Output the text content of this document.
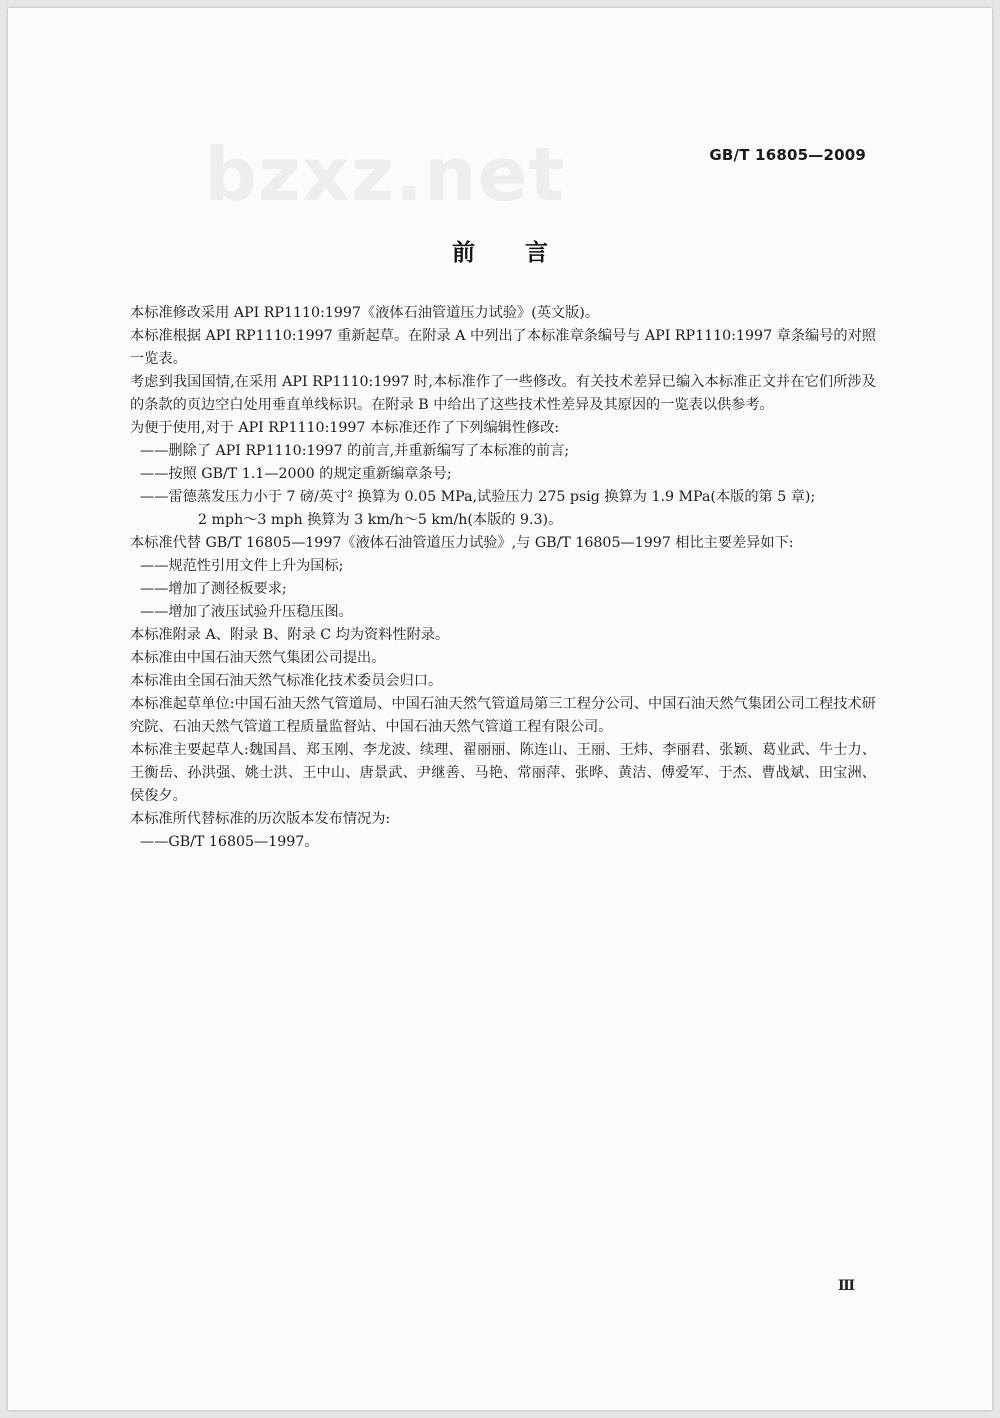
bzxz.net	GB/T 16805—2009
前言

本标准修改采用 API RP1110:1997《液体石油管道压力试验》(英文版)。

本标准根据 API RP1110:1997 重新起草。在附录 A 中列出了本标准章条编号与 API RP1110:1997 章条编号的对照一览表。

考虑到我国国情,在采用 API RP1110:1997 时,本标准作了一些修改。有关技术差异已编入本标准正文并在它们所涉及的条款的页边空白处用垂直单线标识。在附录 B 中给出了这些技术性差异及其原因的一览表以供参考。

为便于使用,对于 API RP1110:1997 本标准还作了下列编辑性修改:

——删除了 API RP1110:1997 的前言,并重新编写了本标准的前言;

——按照 GB/T 1.1—2000 的规定重新编章条号;

——雷德蒸发压力小于 7 磅/英寸² 换算为 0.05 MPa,试验压力 275 psig 换算为 1.9 MPa(本版的第 5 章);

2 mph～3 mph 换算为 3 km/h～5 km/h(本版的 9.3)。

本标准代替 GB/T 16805—1997《液体石油管道压力试验》,与 GB/T 16805—1997 相比主要差异如下:

——规范性引用文件上升为国标;

——增加了测径板要求;

——增加了液压试验升压稳压图。

本标准附录 A、附录 B、附录 C 均为资料性附录。

本标准由中国石油天然气集团公司提出。

本标准由全国石油天然气标准化技术委员会归口。

本标准起草单位:中国石油天然气管道局、中国石油天然气管道局第三工程分公司、中国石油天然气集团公司工程技术研究院、石油天然气管道工程质量监督站、中国石油天然气管道工程有限公司。

本标准主要起草人:魏国昌、郑玉刚、李龙波、续理、翟丽丽、陈连山、王丽、王炜、李丽君、张颖、葛业武、牛士力、王衡岳、孙洪强、姚士洪、王中山、唐景武、尹继善、马艳、常丽萍、张晔、黄洁、傅爱军、于杰、曹战斌、田宝洲、侯俊夕。

本标准所代替标准的历次版本发布情况为:

——GB/T 16805—1997。

Ⅲ
